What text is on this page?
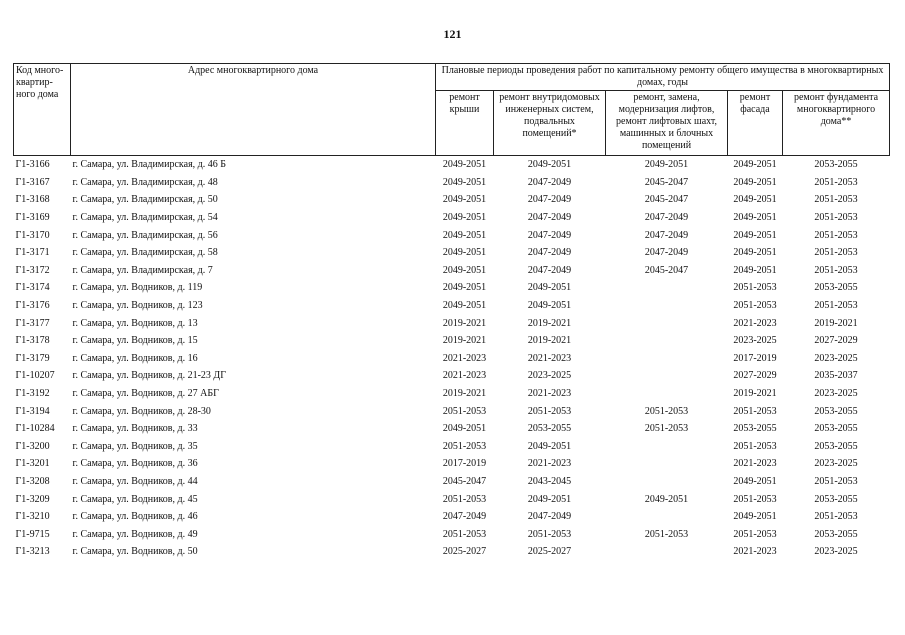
121
Код много-квартир-ного дома	Адрес многоквартирного дома	Плановые периоды проведения работ по капитальному ремонту общего имущества в многоквартирных домах, годы				
		ремонт крыши	ремонт внутридомовых инженерных систем, подвальных помещений*	ремонт, замена, модернизация лифтов, ремонт лифтовых шахт, машинных и блочных помещений	ремонт фасада	ремонт фундамента многоквартирного дома**
Г1-3166	г. Самара, ул. Владимирская, д. 46 Б	2049-2051	2049-2051	2049-2051	2049-2051	2053-2055
Г1-3167	г. Самара, ул. Владимирская, д. 48	2049-2051	2047-2049	2045-2047	2049-2051	2051-2053
Г1-3168	г. Самара, ул. Владимирская, д. 50	2049-2051	2047-2049	2045-2047	2049-2051	2051-2053
Г1-3169	г. Самара, ул. Владимирская, д. 54	2049-2051	2047-2049	2047-2049	2049-2051	2051-2053
Г1-3170	г. Самара, ул. Владимирская, д. 56	2049-2051	2047-2049	2047-2049	2049-2051	2051-2053
Г1-3171	г. Самара, ул. Владимирская, д. 58	2049-2051	2047-2049	2047-2049	2049-2051	2051-2053
Г1-3172	г. Самара, ул. Владимирская, д. 7	2049-2051	2047-2049	2045-2047	2049-2051	2051-2053
Г1-3174	г. Самара, ул. Водников, д. 119	2049-2051	2049-2051		2051-2053	2053-2055
Г1-3176	г. Самара, ул. Водников, д. 123	2049-2051	2049-2051		2051-2053	2051-2053
Г1-3177	г. Самара, ул. Водников, д. 13	2019-2021	2019-2021		2021-2023	2019-2021
Г1-3178	г. Самара, ул. Водников, д. 15	2019-2021	2019-2021		2023-2025	2027-2029
Г1-3179	г. Самара, ул. Водников, д. 16	2021-2023	2021-2023		2017-2019	2023-2025
Г1-10207	г. Самара, ул. Водников, д. 21-23 ДГ	2021-2023	2023-2025		2027-2029	2035-2037
Г1-3192	г. Самара, ул. Водников, д. 27 АБГ	2019-2021	2021-2023		2019-2021	2023-2025
Г1-3194	г. Самара, ул. Водников, д. 28-30	2051-2053	2051-2053	2051-2053	2051-2053	2053-2055
Г1-10284	г. Самара, ул. Водников, д. 33	2049-2051	2053-2055	2051-2053	2053-2055	2053-2055
Г1-3200	г. Самара, ул. Водников, д. 35	2051-2053	2049-2051		2051-2053	2053-2055
Г1-3201	г. Самара, ул. Водников, д. 36	2017-2019	2021-2023		2021-2023	2023-2025
Г1-3208	г. Самара, ул. Водников, д. 44	2045-2047	2043-2045		2049-2051	2051-2053
Г1-3209	г. Самара, ул. Водников, д. 45	2051-2053	2049-2051	2049-2051	2051-2053	2053-2055
Г1-3210	г. Самара, ул. Водников, д. 46	2047-2049	2047-2049		2049-2051	2051-2053
Г1-9715	г. Самара, ул. Водников, д. 49	2051-2053	2051-2053	2051-2053	2051-2053	2053-2055
Г1-3213	г. Самара, ул. Водников, д. 50	2025-2027	2025-2027		2021-2023	2023-2025
